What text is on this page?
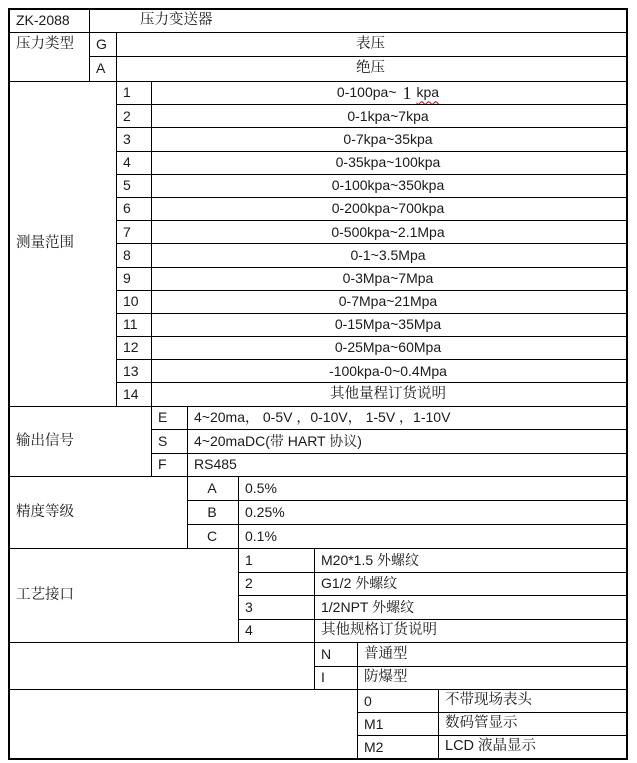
ZK-2088	压力变送器
压力类型	G	表压
A	绝压
测量范围
1	0-100pa~ 1 kpa
2	0-1kpa~7kpa
3	0-7kpa~35kpa
4	0-35kpa~100kpa
5	0-100kpa~350kpa
6	0-200kpa~700kpa
7	0-500kpa~2.1Mpa
8	0-1~3.5Mpa
9	0-3Mpa~7Mpa
10	0-7Mpa~21Mpa
11	0-15Mpa~35Mpa
12	0-25Mpa~60Mpa
13	-100kpa-0~0.4Mpa
14	其他量程订货说明
输出信号
E	4~20ma， 0-5V ，0-10V， 1-5V ，1-10V
S	4~20maDC(带 HART 协议)
F	RS485
精度等级
A	0.5%
B	0.25%
C	0.1%
工艺接口
1	M20*1.5 外螺纹
2	G1/2 外螺纹
3	1/2NPT 外螺纹
4	其他规格订货说明
N	普通型
I	防爆型
0	不带现场表头
M1	数码管显示
M2	LCD 液晶显示
